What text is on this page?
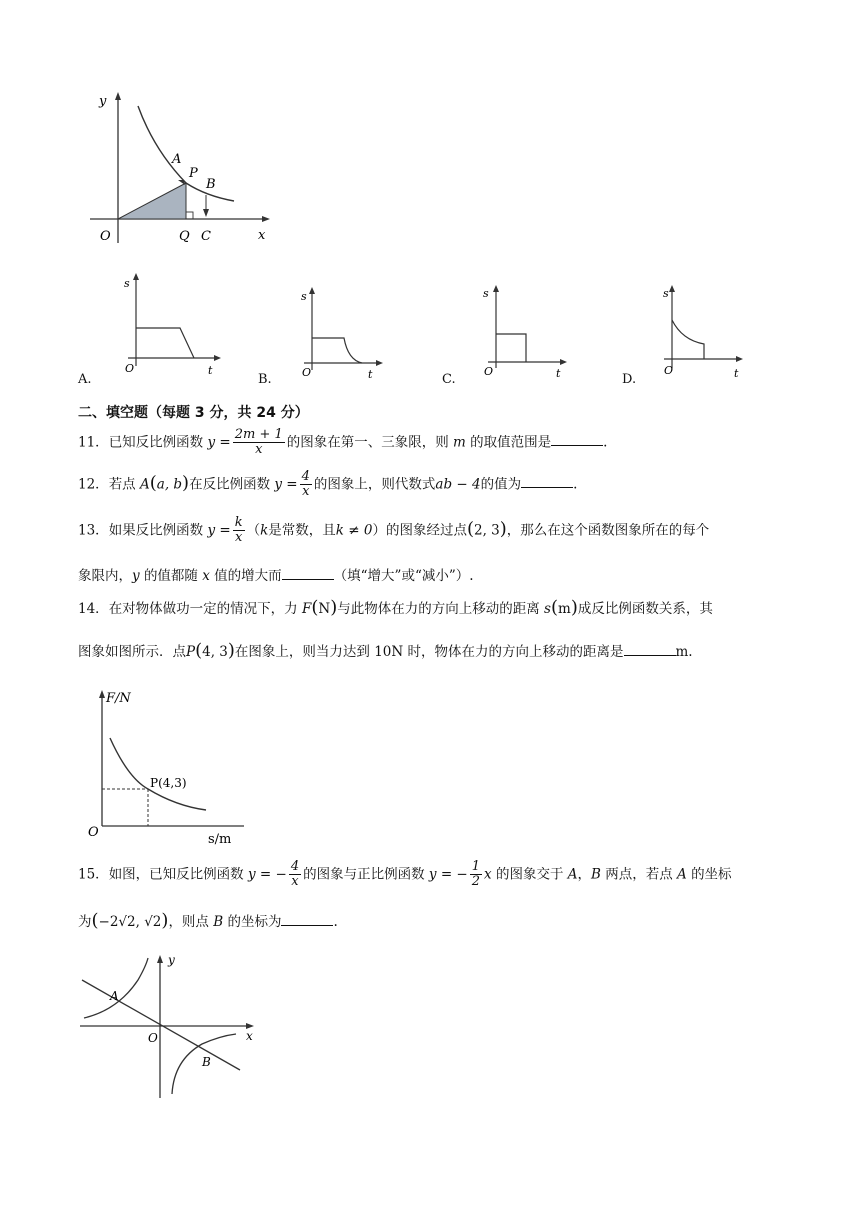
y
x
O
A
P
B
Q C
A.
s
t
O
B.
s
t
O	C.
s
t
O
D.
s
t
O
二、填空题（每题 3 分，共 24 分）
11．已知反比例函数 $y = \frac{2m + 1}{x}$ 的图象在第一、三象限，则 m 的取值范围是	.
12．若点 A(a, b)在反比例函数 $y = \frac{4}{x}$ 的图象上，则代数式ab − 4的值为	.
13．如果反比例函数 $y = \frac{k}{x} (k$是常数，且k ≠ 0）的图象经过点(2, 3)，那么在这个函数图象所在的每个
象限内，y 的值都随 x 值的增大而	（填“增大”或“减小”）.
14．在对物体做功一定的情况下，力 F(N)与此物体在力的方向上移动的距离 s(m)成反比例函数关系，其
图象如图所示．点P(4, 3)在图象上，则当力达到 10N 时，物体在力的方向上移动的距离是	m.
F/N
s/m
O
P(4,3)
15．如图，已知反比例函数 y = − $\frac{4}{x}$ 的图象与正比例函数 y = − $\frac{1}{2}$ x 的图象交于 A，B 两点，若点 A 的坐标
为(−2√2, √2)，则点 B 的坐标为	.
y
x
O
A
B
